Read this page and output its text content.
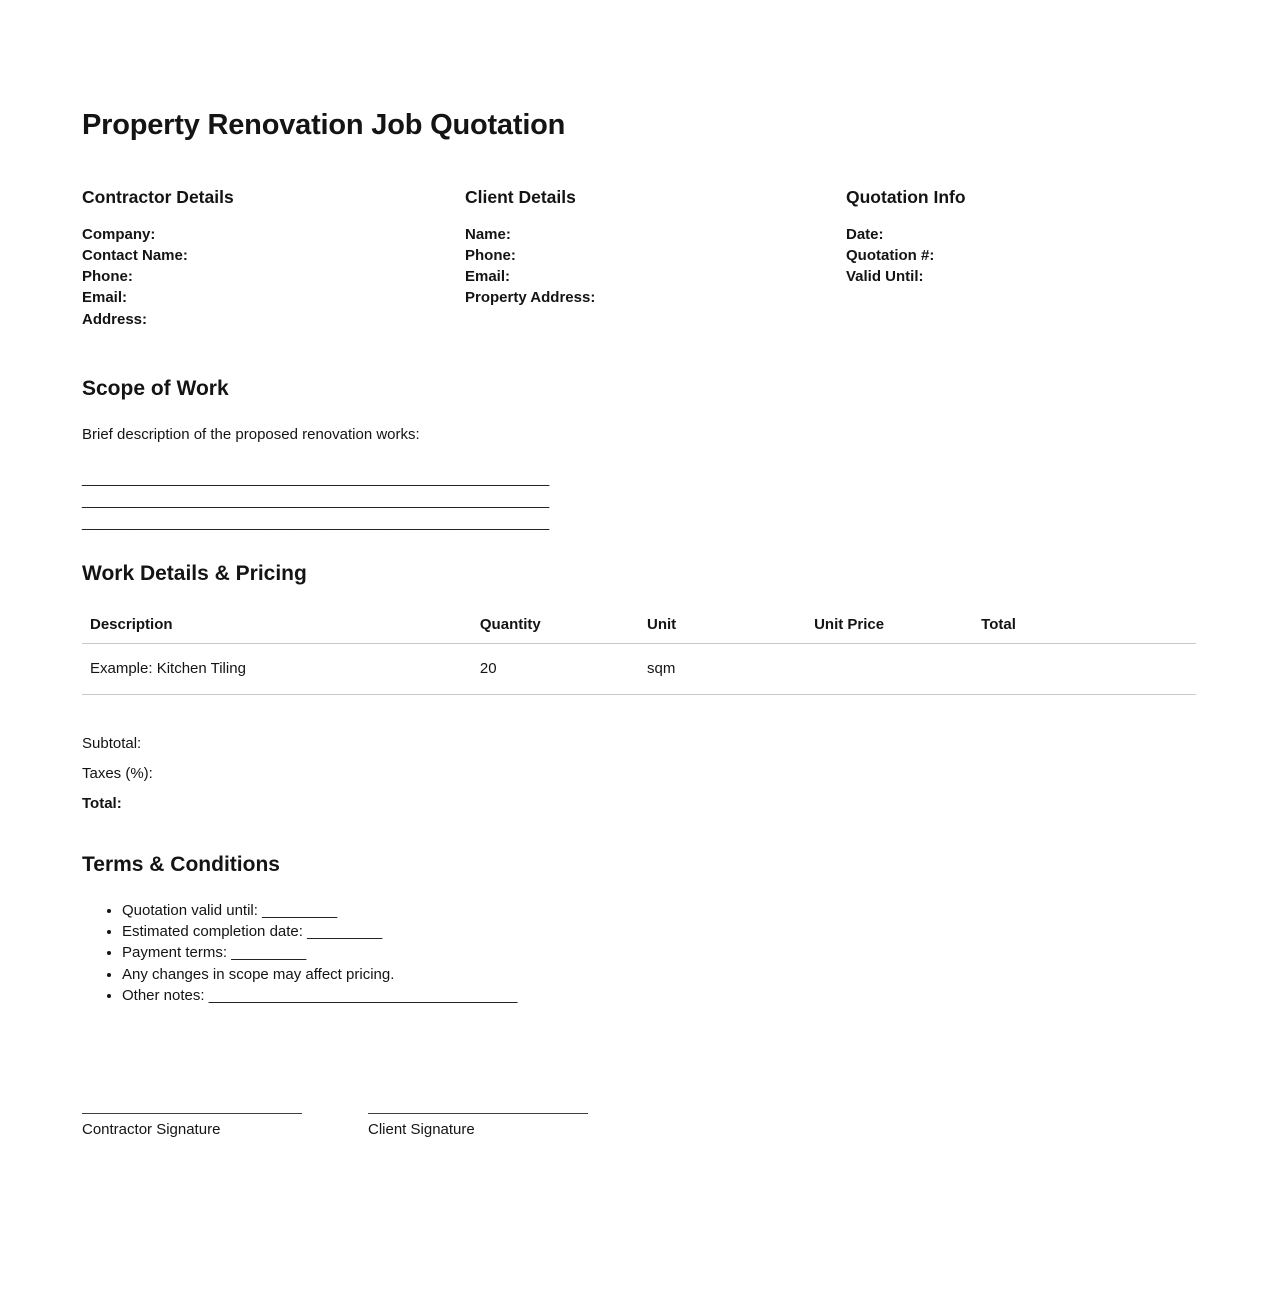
Property Renovation Job Quotation
Contractor Details

Company:

Contact Name:

Phone:

Email:

Address:

Client Details

Name:

Phone:

Email:

Property Address:

Quotation Info

Date:

Quotation #:

Valid Until:

Scope of Work

Brief description of the proposed renovation works:

________________________________________________________
________________________________________________________
________________________________________________________
Work Details & Pricing
Description	Quantity	Unit	Unit Price	Total
Example: Kitchen Tiling	20	sqm		

Subtotal:

Taxes (%):

Total:

Terms & Conditions
• Quotation valid until: _________
• Estimated completion date: _________
• Payment terms: _________
• Any changes in scope may affect pricing.
• Other notes: _____________________________________
Contractor Signature	Client Signature
